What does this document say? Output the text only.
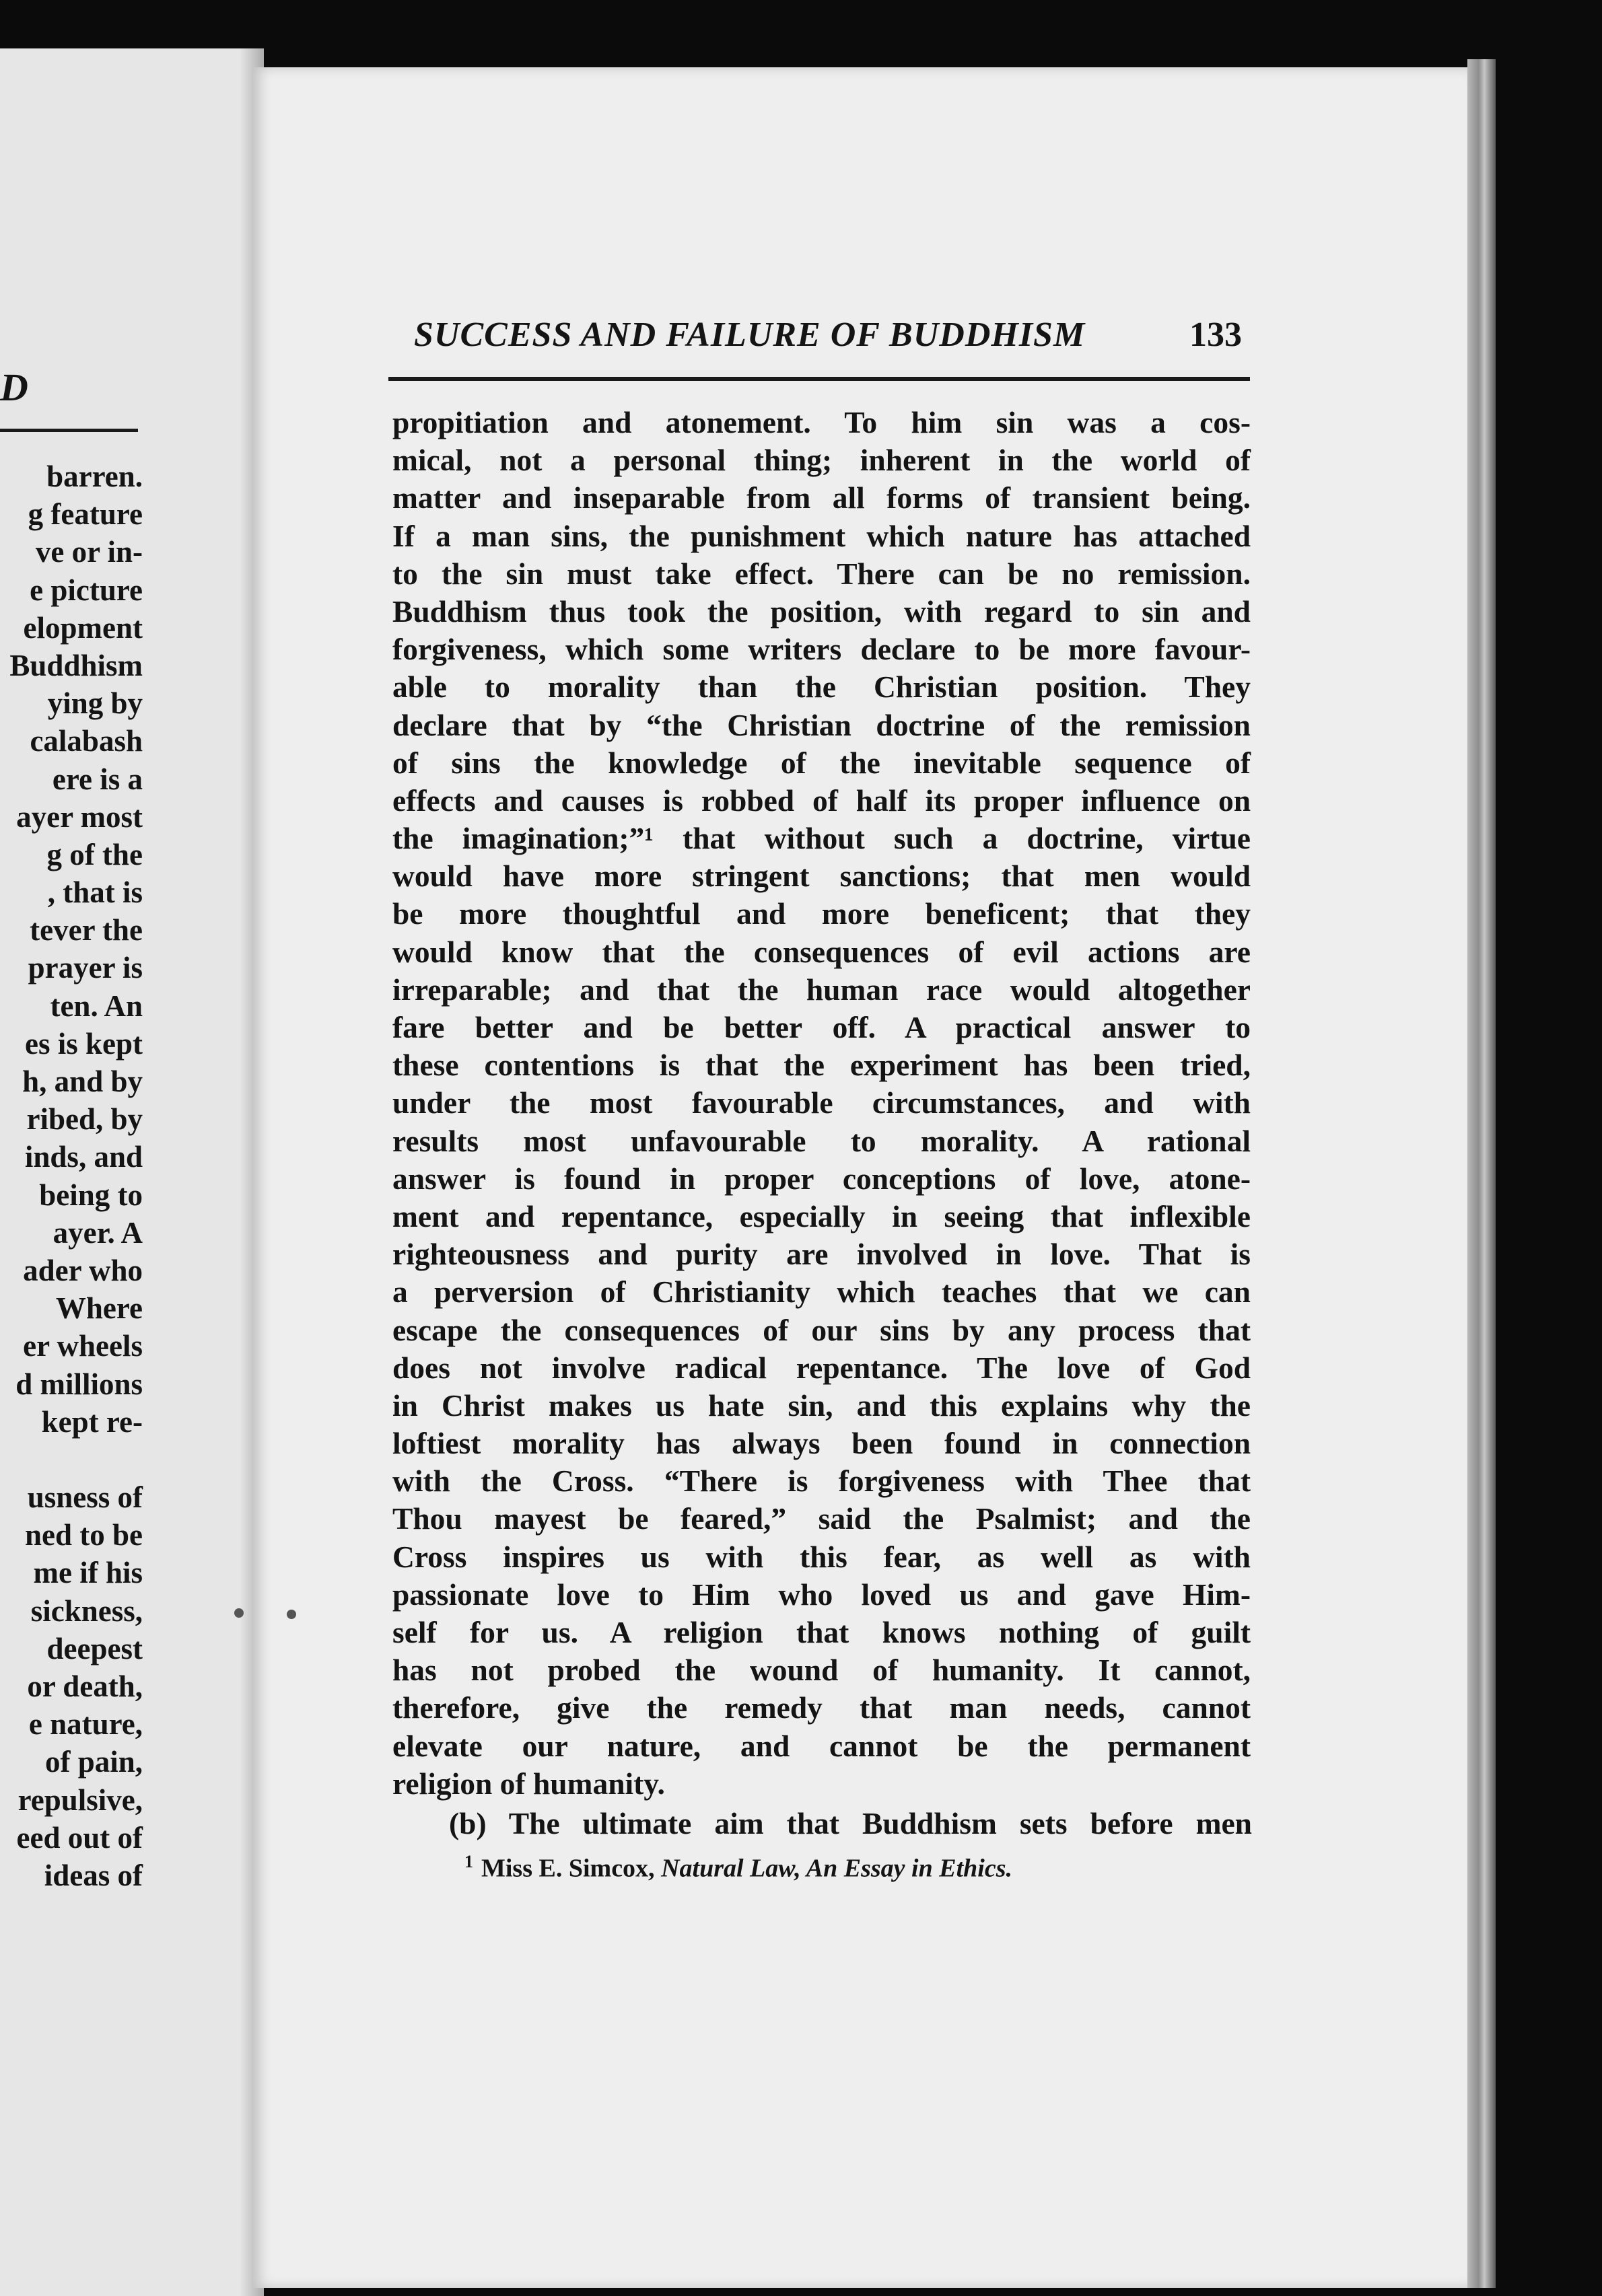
D
barren.
g feature
ve or in-
e picture
elopment
Buddhism
ying by
calabash
ere is a
ayer most
g of the
, that is
tever the
prayer is
ten. An
es is kept
h, and by
ribed, by
inds, and
being to
ayer. A
ader who
Where
er wheels
d millions
kept re-
usness of
ned to be
me if his
sickness,
deepest
or death,
e nature,
of pain,
repulsive,
eed out of
ideas of
SUCCESS AND FAILURE OF BUDDHISM	133
propitiation and atonement. To him sin was a cos-
mical, not a personal thing; inherent in the world of
matter and inseparable from all forms of transient being.
If a man sins, the punishment which nature has attached
to the sin must take effect. There can be no remission.
Buddhism thus took the position, with regard to sin and
forgiveness, which some writers declare to be more favour-
able to morality than the Christian position. They
declare that by “the Christian doctrine of the remission
of sins the knowledge of the inevitable sequence of
effects and causes is robbed of half its proper influence on
the imagination;”¹ that without such a doctrine, virtue
would have more stringent sanctions; that men would
be more thoughtful and more beneficent; that they
would know that the consequences of evil actions are
irreparable; and that the human race would altogether
fare better and be better off. A practical answer to
these contentions is that the experiment has been tried,
under the most favourable circumstances, and with
results most unfavourable to morality. A rational
answer is found in proper conceptions of love, atone-
ment and repentance, especially in seeing that inflexible
righteousness and purity are involved in love. That is
a perversion of Christianity which teaches that we can
escape the consequences of our sins by any process that
does not involve radical repentance. The love of God
in Christ makes us hate sin, and this explains why the
loftiest morality has always been found in connection
with the Cross. “There is forgiveness with Thee that
Thou mayest be feared,” said the Psalmist; and the
Cross inspires us with this fear, as well as with
passionate love to Him who loved us and gave Him-
self for us. A religion that knows nothing of guilt
has not probed the wound of humanity. It cannot,
therefore, give the remedy that man needs, cannot
elevate our nature, and cannot be the permanent
religion of humanity.
(b) The ultimate aim that Buddhism sets before men
$^1$ Miss E. Simcox, Natural Law, An Essay in Ethics.
